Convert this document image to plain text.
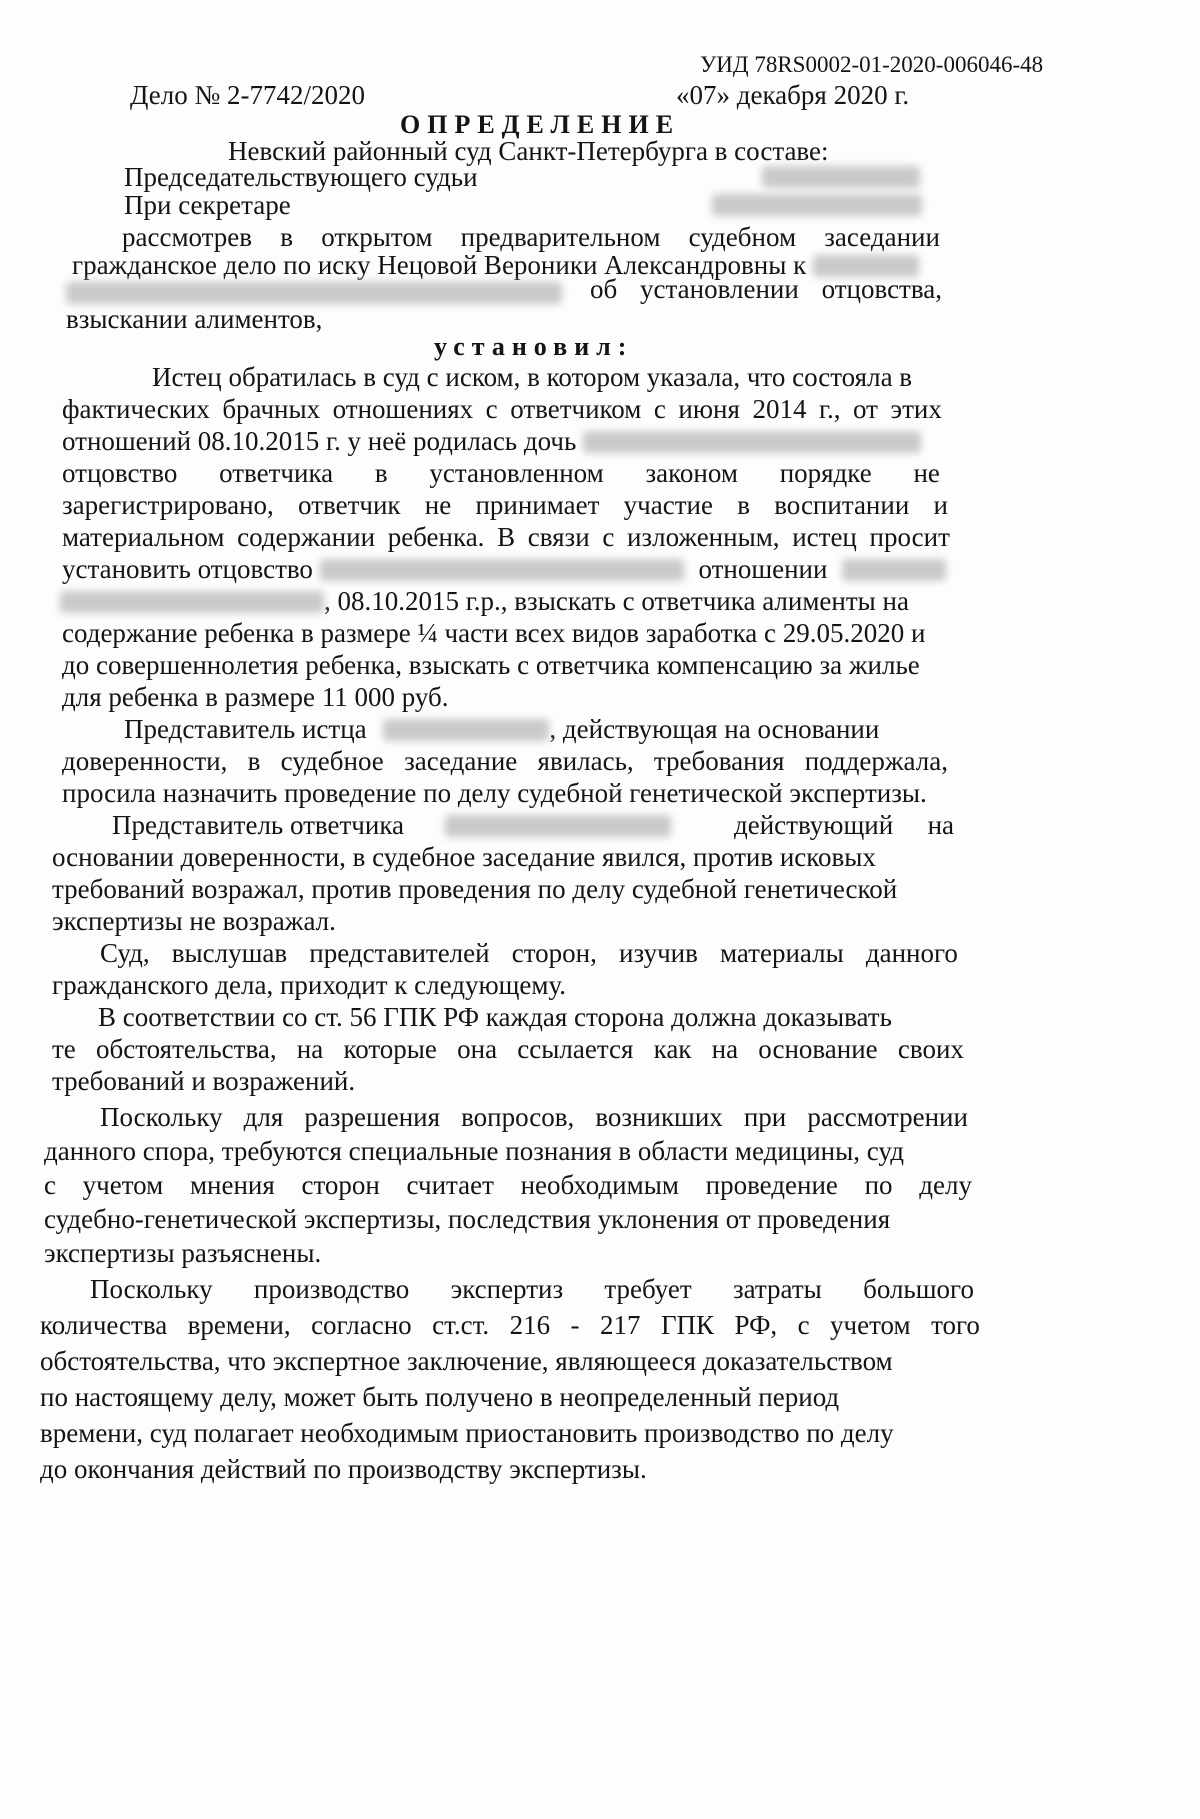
УИД 78RS0002-01-2020-006046-48
Дело № 2-7742/2020	«07» декабря 2020 г.
ОПРЕДЕЛЕНИЕ
Невский районный суд Санкт-Петербурга в составе:
Председательствующего судьи
При секретаре
рассмотрев в открытом предварительном судебном заседании
гражданское дело по иску Нецовой Вероники Александровны к
об установлении отцовства,
взыскании алиментов,
установил:
Истец обратилась в суд с иском, в котором указала, что состояла в
фактических брачных отношениях с ответчиком с июня 2014 г., от этих
отношений 08.10.2015 г. у неё родилась дочь
отцовство ответчика в установленном законом порядке не
зарегистрировано, ответчик не принимает участие в воспитании и
материальном содержании ребенка. В связи с изложенным, истец просит
установить отцовство	отношении
, 08.10.2015 г.р., взыскать с ответчика алименты на
содержание ребенка в размере ¼ части всех видов заработка с 29.05.2020 и
до совершеннолетия ребенка, взыскать с ответчика компенсацию за жилье
для ребенка в размере 11 000 руб.
Представитель истца	, действующая на основании
доверенности, в судебное заседание явилась, требования поддержала,
просила назначить проведение по делу судебной генетической экспертизы.
Представитель ответчика	действующий на
основании доверенности, в судебное заседание явился, против исковых
требований возражал, против проведения по делу судебной генетической
экспертизы не возражал.
Суд, выслушав представителей сторон, изучив материалы данного
гражданского дела, приходит к следующему.
В соответствии со ст. 56 ГПК РФ каждая сторона должна доказывать
те обстоятельства, на которые она ссылается как на основание своих
требований и возражений.
Поскольку для разрешения вопросов, возникших при рассмотрении
данного спора, требуются специальные познания в области медицины, суд
с учетом мнения сторон считает необходимым проведение по делу
судебно-генетической экспертизы, последствия уклонения от проведения
экспертизы разъяснены.
Поскольку производство экспертиз требует затраты большого
количества времени, согласно ст.ст. 216 - 217 ГПК РФ, с учетом того
обстоятельства, что экспертное заключение, являющееся доказательством
по настоящему делу, может быть получено в неопределенный период
времени, суд полагает необходимым приостановить производство по делу
до окончания действий по производству экспертизы.
